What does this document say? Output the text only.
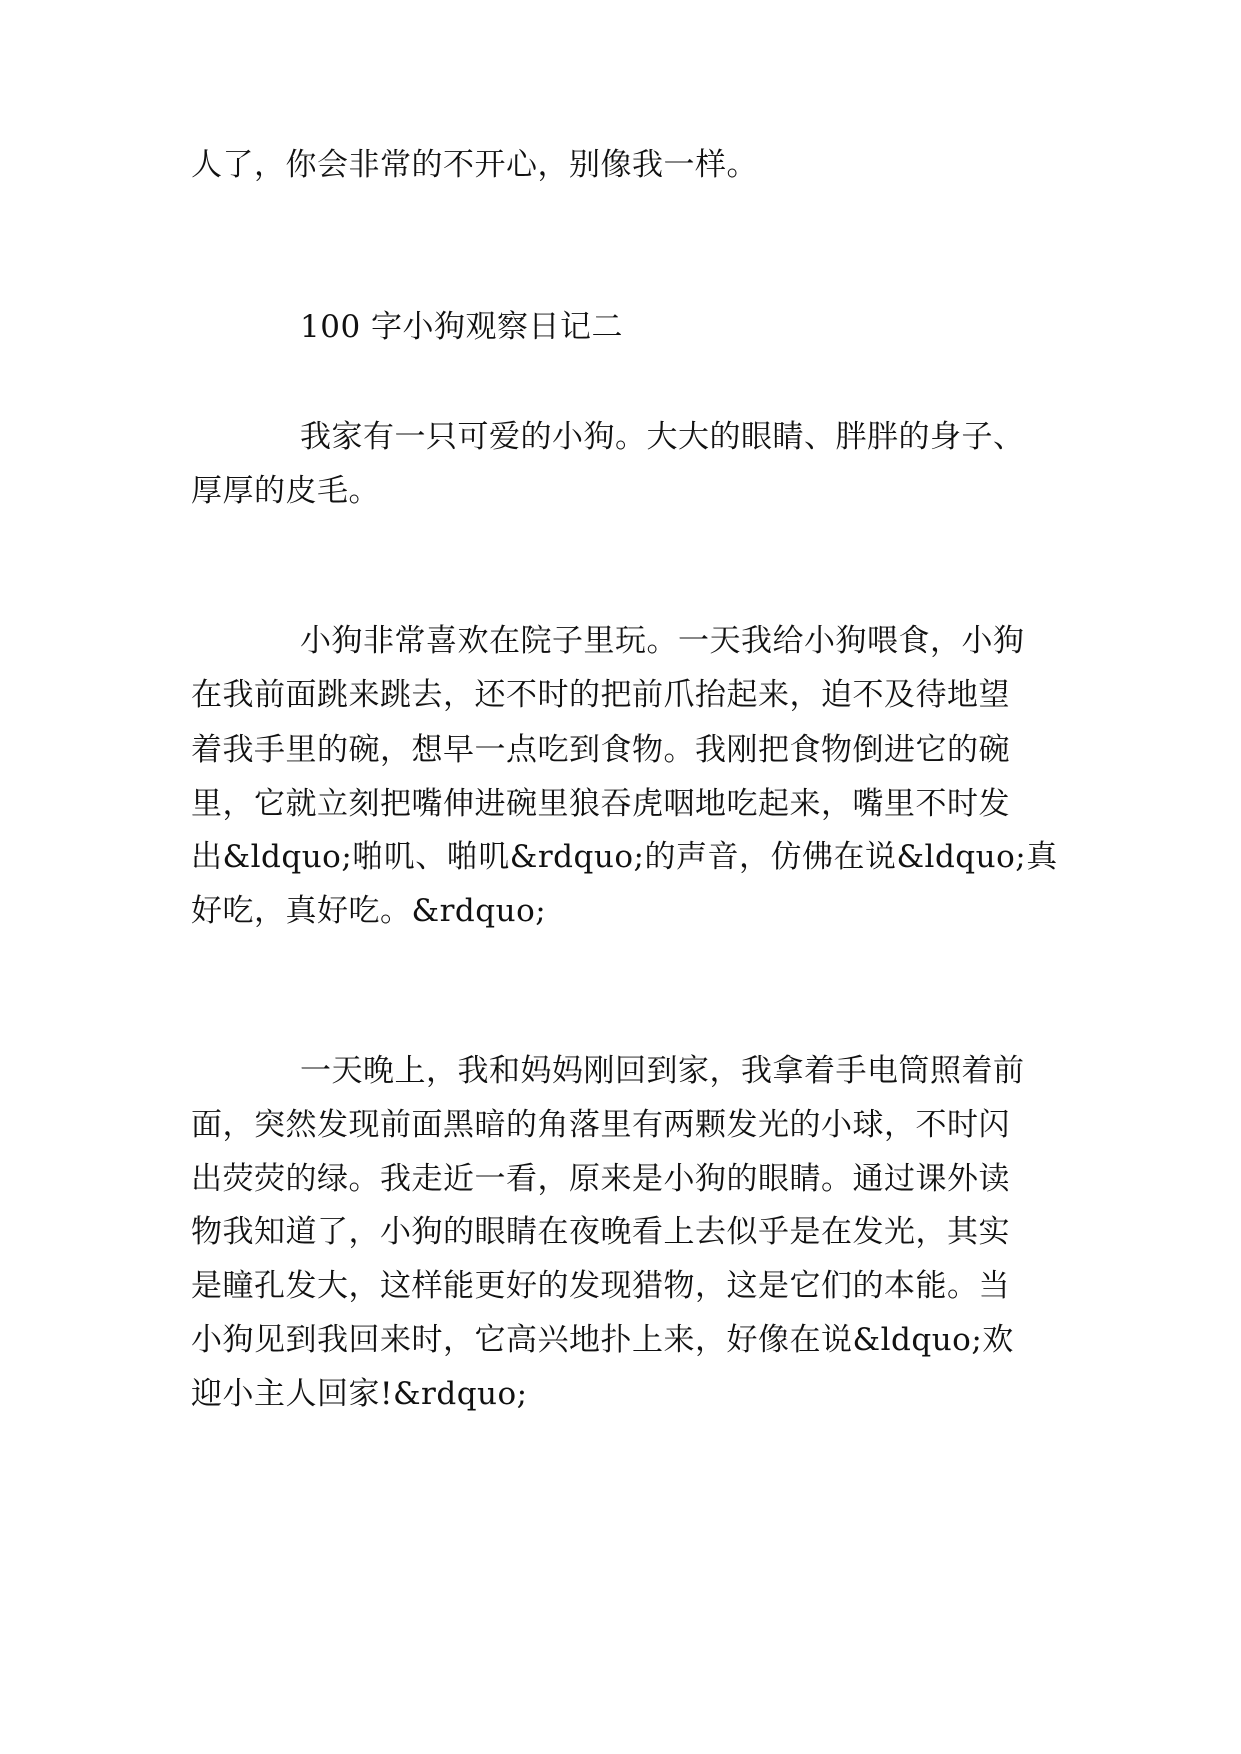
人了，你会非常的不开心，别像我一样。

100 字小狗观察日记二

我家有一只可爱的小狗。大大的眼睛、胖胖的身子、

厚厚的皮毛。

小狗非常喜欢在院子里玩。一天我给小狗喂食，小狗

在我前面跳来跳去，还不时的把前爪抬起来，迫不及待地望

着我手里的碗，想早一点吃到食物。我刚把食物倒进它的碗

里，它就立刻把嘴伸进碗里狼吞虎咽地吃起来，嘴里不时发

出&ldquo;啪叽、啪叽&rdquo;的声音，仿佛在说&ldquo;真

好吃，真好吃。&rdquo;

一天晚上，我和妈妈刚回到家，我拿着手电筒照着前

面，突然发现前面黑暗的角落里有两颗发光的小球，不时闪

出荧荧的绿。我走近一看，原来是小狗的眼睛。通过课外读

物我知道了，小狗的眼睛在夜晚看上去似乎是在发光，其实

是瞳孔发大，这样能更好的发现猎物，这是它们的本能。当

小狗见到我回来时，它高兴地扑上来，好像在说&ldquo;欢

迎小主人回家!&rdquo;
